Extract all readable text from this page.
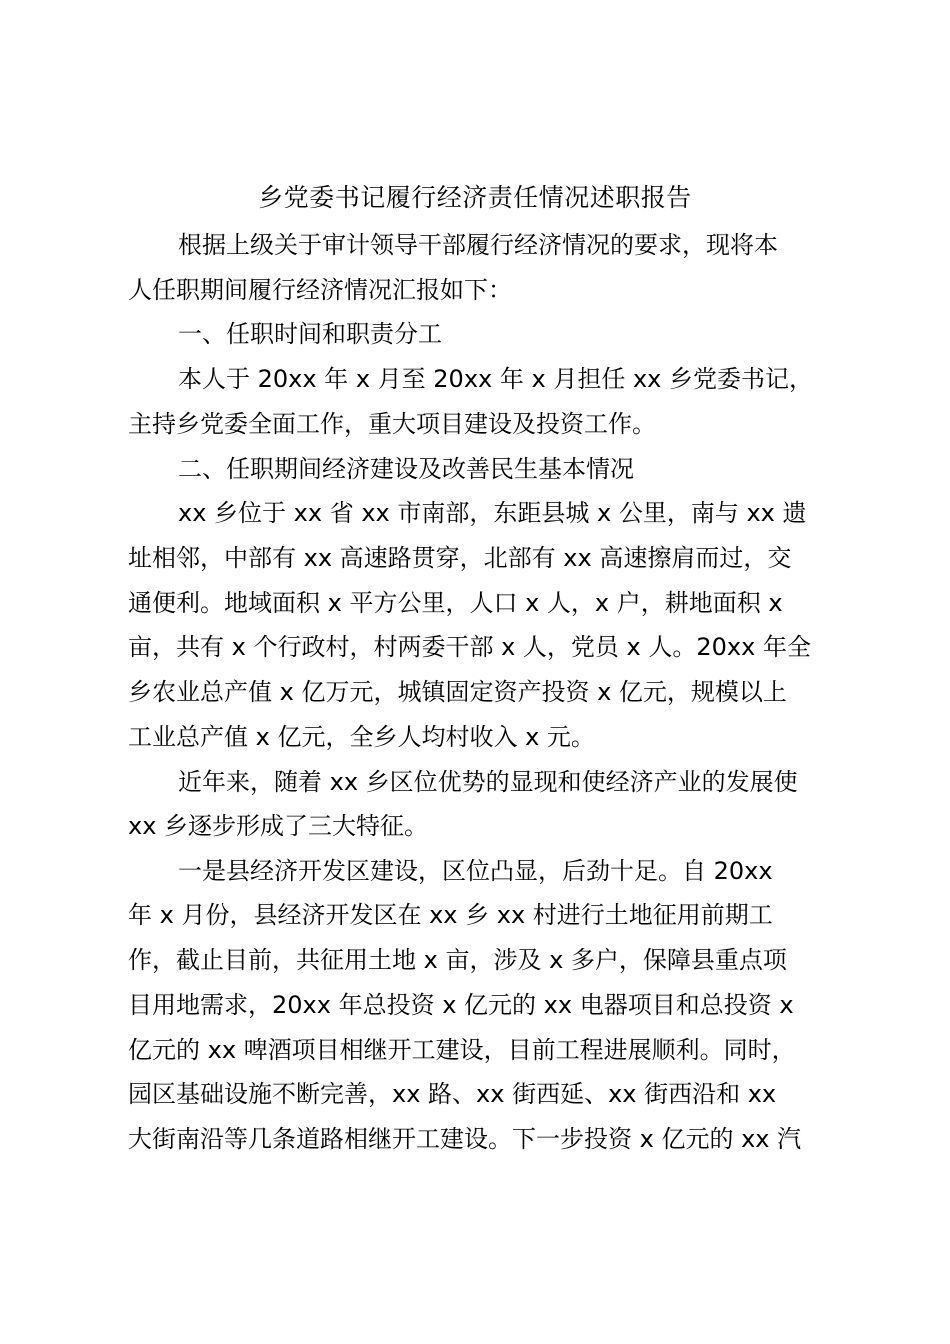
乡党委书记履行经济责任情况述职报告
根据上级关于审计领导干部履行经济情况的要求，现将本
人任职期间履行经济情况汇报如下：
一、任职时间和职责分工
本人于 20xx 年 x 月至 20xx 年 x 月担任 xx 乡党委书记，
主持乡党委全面工作，重大项目建设及投资工作。
二、任职期间经济建设及改善民生基本情况
xx 乡位于 xx 省 xx 市南部，东距县城 x 公里，南与 xx 遗
址相邻，中部有 xx 高速路贯穿，北部有 xx 高速擦肩而过，交
通便利。地域面积 x 平方公里，人口 x 人，x 户，耕地面积 x
亩，共有 x 个行政村，村两委干部 x 人，党员 x 人。20xx 年全
乡农业总产值 x 亿万元，城镇固定资产投资 x 亿元，规模以上
工业总产值 x 亿元，全乡人均村收入 x 元。
近年来，随着 xx 乡区位优势的显现和使经济产业的发展使
xx 乡逐步形成了三大特征。
一是县经济开发区建设，区位凸显，后劲十足。自 20xx
年 x 月份，县经济开发区在 xx 乡 xx 村进行土地征用前期工
作，截止目前，共征用土地 x 亩，涉及 x 多户，保障县重点项
目用地需求，20xx 年总投资 x 亿元的 xx 电器项目和总投资 x
亿元的 xx 啤酒项目相继开工建设，目前工程进展顺利。同时，
园区基础设施不断完善，xx 路、xx 街西延、xx 街西沿和 xx
大街南沿等几条道路相继开工建设。下一步投资 x 亿元的 xx 汽
